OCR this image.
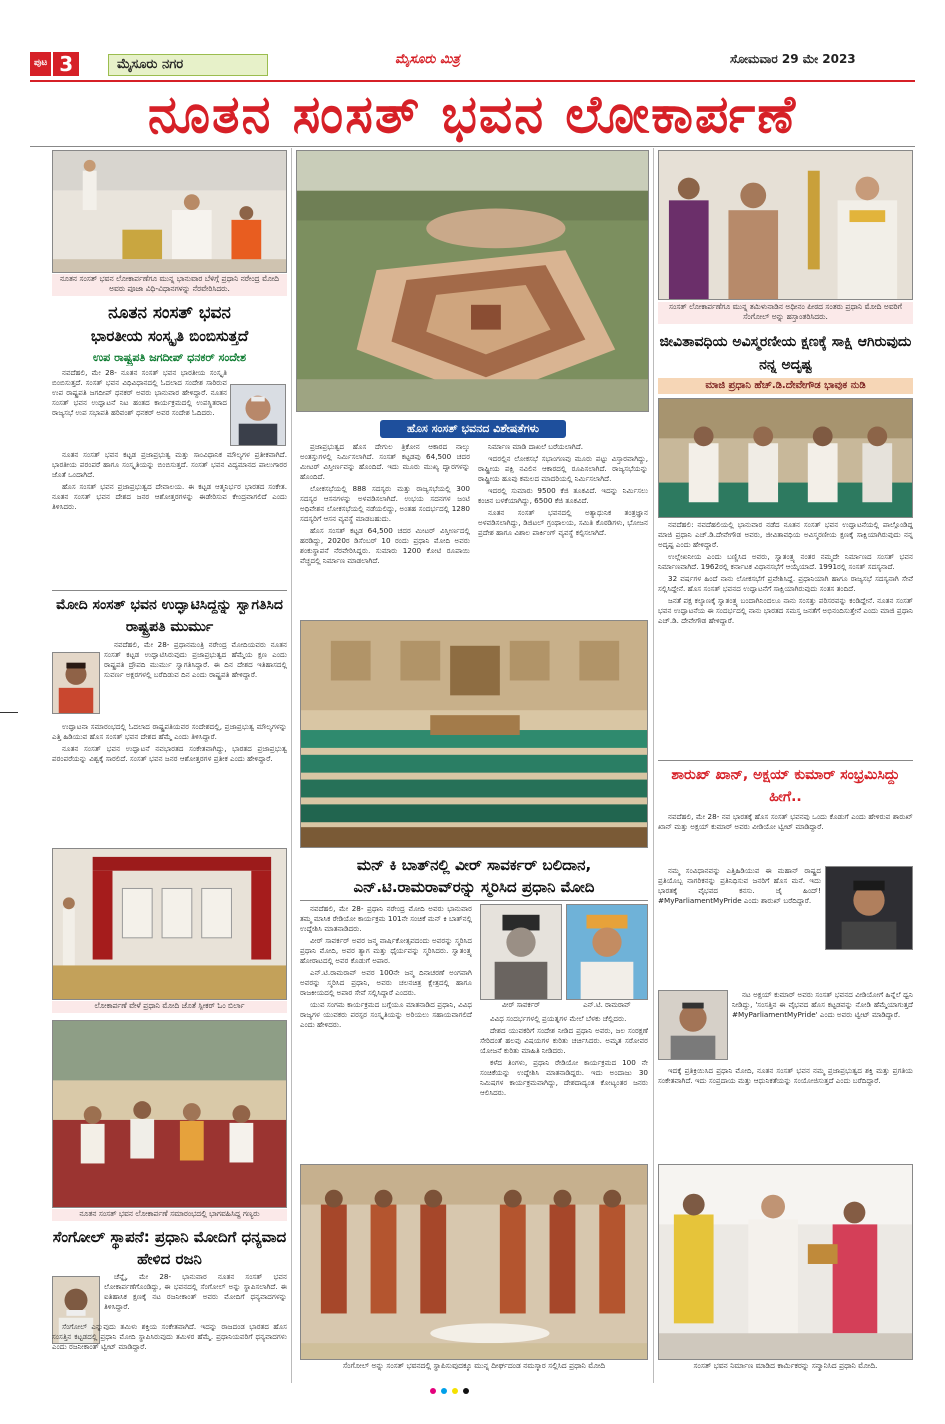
ಪುಟ 3	ಮೈಸೂರು ನಗರ	ಮೈಸೂರು ಮಿತ್ರ	ಸೋಮವಾರ 29 ಮೇ 2023
ನೂತನ ಸಂಸತ್ ಭವನ ಲೋಕಾರ್ಪಣೆ
ನೂತನ ಸಂಸತ್ ಭವನ ಲೋಕಾರ್ಪಣೆಗೂ ಮುನ್ನ ಭಾನುವಾರ ಬೆಳಿಗ್ಗೆ ಪ್ರಧಾನಿ ನರೇಂದ್ರ ಮೋದಿ ಅವರು ಪೂಜಾ ವಿಧಿ-ವಿಧಾನಗಳನ್ನು ನೆರವೇರಿಸಿದರು.
ನೂತನ ಸಂಸತ್ ಭವನ
ಭಾರತೀಯ ಸಂಸ್ಕೃತಿ ಬಿಂಬಿಸುತ್ತದೆ
ಉಪ ರಾಷ್ಟ್ರಪತಿ ಜಗದೀಪ್ ಧನಕರ್ ಸಂದೇಶ

ನವದೆಹಲಿ, ಮೇ 28- ನೂತನ ಸಂಸತ್ ಭವನ ಭಾರತೀಯ ಸಂಸ್ಕೃತಿ ಬಿಂಬಿಸುತ್ತದೆ. ಸಂಸತ್ ಭವನ ವಿಧಿವಿಧಾನದಲ್ಲಿ ಓದಲಾದ ಸಂದೇಶ ಸಾರಿರುವ ಉಪ ರಾಷ್ಟ್ರಪತಿ ಜಗದೀಪ್ ಧನಕರ್ ಅವರು ಭಾನುವಾರ ಹೇಳಿದ್ದಾರೆ. ನೂತನ ಸಂಸತ್ ಭವನ ಉದ್ಘಾಟನೆ ನಿಟ ಹಂತದ ಕಾರ್ಯಕ್ರಮದಲ್ಲಿ ಉಪಸ್ಥಿತರಾದ ರಾಜ್ಯಸಭೆ ಉಪ ಸಭಾಪತಿ ಹರಿವಂಶ್ ಧನಕರ್ ಅವರ ಸಂದೇಶ ಓದಿದರು.

ನೂತನ ಸಂಸತ್ ಭವನ ಕಟ್ಟಡ ಪ್ರಜಾಪ್ರಭುತ್ವ ಮತ್ತು ಸಾಂವಿಧಾನಿಕ ಮೌಲ್ಯಗಳ ಪ್ರತೀಕವಾಗಿದೆ. ಭಾರತೀಯ ಪರಂಪರೆ ಹಾಗೂ ಸಂಸ್ಕೃತಿಯನ್ನು ಬಿಂಬಿಸುತ್ತದೆ. ಸಂಸತ್ ಭವನ ವಿದ್ಯಮಾನದ ಪಾಲುಗಾರರ ಜೊತೆ ಒಂದಾಗಿದೆ.

ಹೊಸ ಸಂಸತ್ ಭವನ ಪ್ರಜಾಪ್ರಭುತ್ವದ ದೇವಾಲಯ. ಈ ಕಟ್ಟಡ ಆತ್ಮನಿರ್ಭರ ಭಾರತದ ಸಂಕೇತ. ನೂತನ ಸಂಸತ್ ಭವನ ದೇಶದ ಜನರ ಆಶೋತ್ತರಗಳನ್ನು ಈಡೇರಿಸುವ ಕೇಂದ್ರವಾಗಲಿದೆ ಎಂದು ತಿಳಿಸಿದರು.

ಮೋದಿ ಸಂಸತ್ ಭವನ ಉದ್ಘಾಟಿಸಿದ್ದನ್ನು ಸ್ವಾಗತಿಸಿದ ರಾಷ್ಟ್ರಪತಿ ಮುರ್ಮು

ನವದೆಹಲಿ, ಮೇ 28- ಪ್ರಧಾನಮಂತ್ರಿ ನರೇಂದ್ರ ಮೋದಿಯವರು ನೂತನ ಸಂಸತ್ ಕಟ್ಟಡ ಉದ್ಘಾಟಿಸಿರುವುದು ಪ್ರಜಾಪ್ರಭುತ್ವದ ಹೆಮ್ಮೆಯ ಕ್ಷಣ ಎಂದು ರಾಷ್ಟ್ರಪತಿ ದ್ರೌಪದಿ ಮುರ್ಮು ಸ್ವಾಗತಿಸಿದ್ದಾರೆ. ಈ ದಿನ ದೇಶದ ಇತಿಹಾಸದಲ್ಲಿ ಸುವರ್ಣ ಅಕ್ಷರಗಳಲ್ಲಿ ಬರೆದಿಡುವ ದಿನ ಎಂದು ರಾಷ್ಟ್ರಪತಿ ಹೇಳಿದ್ದಾರೆ.

ಉದ್ಘಾಟನಾ ಸಮಾರಂಭದಲ್ಲಿ ಓದಲಾದ ರಾಷ್ಟ್ರಪತಿಯವರ ಸಂದೇಶದಲ್ಲಿ, ಪ್ರಜಾಪ್ರಭುತ್ವ ಮೌಲ್ಯಗಳನ್ನು ಎತ್ತಿ ಹಿಡಿಯುವ ಹೊಸ ಸಂಸತ್ ಭವನ ದೇಶದ ಹೆಮ್ಮೆ ಎಂದು ತಿಳಿಸಿದ್ದಾರೆ.

ನೂತನ ಸಂಸತ್ ಭವನ ಉದ್ಘಾಟನೆ ನವಭಾರತದ ಸಂಕೇತವಾಗಿದ್ದು, ಭಾರತದ ಪ್ರಜಾಪ್ರಭುತ್ವ ಪರಂಪರೆಯನ್ನು ವಿಶ್ವಕ್ಕೆ ಸಾರಲಿದೆ. ಸಂಸತ್ ಭವನ ಜನರ ಆಶೋತ್ತರಗಳ ಪ್ರತೀಕ ಎಂದು ಹೇಳಿದ್ದಾರೆ.

ಲೋಕಾರ್ಪಣೆ ವೇಳೆ ಪ್ರಧಾನಿ ಮೋದಿ ಜೊತೆ ಸ್ಪೀಕರ್ ಓಂ ಬಿರ್ಲಾ
ನೂತನ ಸಂಸತ್ ಭವನ ಲೋಕಾರ್ಪಣೆ ಸಮಾರಂಭದಲ್ಲಿ ಭಾಗವಹಿಸಿದ್ದ ಗಣ್ಯರು
ಸೆಂಗೋಲ್ ಸ್ಥಾಪನೆ: ಪ್ರಧಾನಿ ಮೋದಿಗೆ ಧನ್ಯವಾದ ಹೇಳಿದ ರಜನಿ

ಚೆನ್ನೈ, ಮೇ 28- ಭಾನುವಾರ ನೂತನ ಸಂಸತ್ ಭವನ ಲೋಕಾರ್ಪಣೆಗೊಂಡಿದ್ದು, ಈ ಭವನದಲ್ಲಿ ಸೆಂಗೋಲ್ ಅನ್ನು ಸ್ಥಾಪಿಸಲಾಗಿದೆ. ಈ ಐತಿಹಾಸಿಕ ಕ್ಷಣಕ್ಕೆ ನಟ ರಜನೀಕಾಂತ್ ಅವರು ಮೋದಿಗೆ ಧನ್ಯವಾದಗಳನ್ನು ತಿಳಿಸಿದ್ದಾರೆ.

ಸೆಂಗೋಲ್ ಎನ್ನುವುದು ತಮಿಳು ಶಕ್ತಿಯ ಸಂಕೇತವಾಗಿದೆ. ಇದನ್ನು ರಾಜದಂಡ ಭಾರತದ ಹೊಸ ಸಂಸತ್ತಿನ ಕಟ್ಟಡದಲ್ಲಿ ಪ್ರಧಾನಿ ಮೋದಿ ಸ್ಥಾಪಿಸಿರುವುದು ತಮಿಳರ ಹೆಮ್ಮೆ. ಪ್ರಧಾನಿಯವರಿಗೆ ಧನ್ಯವಾದಗಳು ಎಂದು ರಜನೀಕಾಂತ್ ಟ್ವೀಟ್ ಮಾಡಿದ್ದಾರೆ.

ಹೊಸ ಸಂಸತ್ ಭವನದ ವಿಶೇಷತೆಗಳು

ಪ್ರಜಾಪ್ರಭುತ್ವದ ಹೊಸ ದೇಗುಲ ತ್ರಿಕೋನ ಆಕಾರದ ನಾಲ್ಕು ಅಂತಸ್ತುಗಳಲ್ಲಿ ನಿರ್ಮಿಸಲಾಗಿದೆ. ಸಂಸತ್ ಕಟ್ಟಡವು 64,500 ಚದರ ಮೀಟರ್ ವಿಸ್ತೀರ್ಣವನ್ನು ಹೊಂದಿದೆ. ಇದು ಮೂರು ಮುಖ್ಯ ದ್ವಾರಗಳನ್ನು ಹೊಂದಿದೆ.

ಲೋಕಸಭೆಯಲ್ಲಿ 888 ಸದಸ್ಯರು ಮತ್ತು ರಾಜ್ಯಸಭೆಯಲ್ಲಿ 300 ಸದಸ್ಯರ ಆಸನಗಳನ್ನು ಅಳವಡಿಸಲಾಗಿದೆ. ಉಭಯ ಸದನಗಳ ಜಂಟಿ ಅಧಿವೇಶನ ಲೋಕಸಭೆಯಲ್ಲಿ ನಡೆಯಲಿದ್ದು, ಅಂತಹ ಸಂದರ್ಭದಲ್ಲಿ 1280 ಸದಸ್ಯರಿಗೆ ಆಸನ ವ್ಯವಸ್ಥೆ ಮಾಡಬಹುದು.

ಹೊಸ ಸಂಸತ್ ಕಟ್ಟಡ 64,500 ಚದರ ಮೀಟರ್ ವಿಸ್ತೀರ್ಣದಲ್ಲಿ ಹರಡಿದ್ದು, 2020ರ ಡಿಸೆಂಬರ್ 10 ರಂದು ಪ್ರಧಾನಿ ಮೋದಿ ಅವರು ಶಂಕುಸ್ಥಾಪನೆ ನೆರವೇರಿಸಿದ್ದರು. ಸುಮಾರು 1200 ಕೋಟಿ ರೂಪಾಯಿ ವೆಚ್ಚದಲ್ಲಿ ನಿರ್ಮಾಣ ಮಾಡಲಾಗಿದೆ.

ನಿರ್ಮಾಣ ಮಾಡಿ ದಾಖಲೆ ಬರೆಯಲಾಗಿದೆ.

ಇದರಲ್ಲಿನ ಲೋಕಸಭೆ ಸಭಾಂಗಣವು ಮೂರು ಪಟ್ಟು ವಿಸ್ತಾರವಾಗಿದ್ದು, ರಾಷ್ಟ್ರೀಯ ಪಕ್ಷಿ ನವಿಲಿನ ಆಕಾರದಲ್ಲಿ ರೂಪಿಸಲಾಗಿದೆ. ರಾಜ್ಯಸಭೆಯನ್ನು ರಾಷ್ಟ್ರೀಯ ಹೂವು ಕಮಲದ ಮಾದರಿಯಲ್ಲಿ ನಿರ್ಮಿಸಲಾಗಿದೆ.

ಇದರಲ್ಲಿ ಸುಮಾರು 9500 ಕೆಜಿ ತೂಕವಿದೆ. ಇದನ್ನು ನಿರ್ಮಿಸಲು ಕಂಚಿನ ಬಳಕೆಯಾಗಿದ್ದು, 6500 ಕೆಜಿ ತೂಕವಿದೆ.

ನೂತನ ಸಂಸತ್ ಭವನದಲ್ಲಿ ಅತ್ಯಾಧುನಿಕ ತಂತ್ರಜ್ಞಾನ ಅಳವಡಿಸಲಾಗಿದ್ದು, ಡಿಜಿಟಲ್ ಗ್ರಂಥಾಲಯ, ಸಮಿತಿ ಕೊಠಡಿಗಳು, ಭೋಜನ ಪ್ರದೇಶ ಹಾಗೂ ವಿಶಾಲ ಪಾರ್ಕಿಂಗ್ ವ್ಯವಸ್ಥೆ ಕಲ್ಪಿಸಲಾಗಿದೆ.

ಮನ್ ಕಿ ಬಾತ್‌ನಲ್ಲಿ ವೀರ್ ಸಾವರ್ಕರ್ ಬಲಿದಾನ,
ಎನ್.ಟಿ.ರಾಮರಾವ್‌ರನ್ನು ಸ್ಮರಿಸಿದ ಪ್ರಧಾನಿ ಮೋದಿ

ನವದೆಹಲಿ, ಮೇ 28- ಪ್ರಧಾನಿ ನರೇಂದ್ರ ಮೋದಿ ಅವರು ಭಾನುವಾರ ತಮ್ಮ ಮಾಸಿಕ ರೇಡಿಯೋ ಕಾರ್ಯಕ್ರಮ 101ನೇ ಸಂಚಿಕೆ ಮನ್ ಕಿ ಬಾತ್‌ನಲ್ಲಿ ಉದ್ದೇಶಿಸಿ ಮಾತನಾಡಿದರು.

ವೀರ್ ಸಾವರ್ಕರ್ ಅವರ ಜನ್ಮ ವಾರ್ಷಿಕೋತ್ಸವದಂದು ಅವರನ್ನು ಸ್ಮರಿಸಿದ ಪ್ರಧಾನಿ ಮೋದಿ, ಅವರ ತ್ಯಾಗ ಮತ್ತು ಧೈರ್ಯವನ್ನು ಸ್ಮರಿಸಿದರು. ಸ್ವಾತಂತ್ರ್ಯ ಹೋರಾಟದಲ್ಲಿ ಅವರ ಕೊಡುಗೆ ಅಪಾರ.

ಎನ್.ಟಿ.ರಾಮರಾವ್ ಅವರ 100ನೇ ಜನ್ಮ ದಿನಾಚರಣೆ ಅಂಗವಾಗಿ ಅವರನ್ನು ಸ್ಮರಿಸಿದ ಪ್ರಧಾನಿ, ಅವರು ಚಲನಚಿತ್ರ ಕ್ಷೇತ್ರದಲ್ಲಿ ಹಾಗೂ ರಾಜಕೀಯದಲ್ಲಿ ಅಪಾರ ಸೇವೆ ಸಲ್ಲಿಸಿದ್ದಾರೆ ಎಂದರು.

ಯುವ ಸಂಗಮ ಕಾರ್ಯಕ್ರಮದ ಬಗ್ಗೆಯೂ ಮಾತನಾಡಿದ ಪ್ರಧಾನಿ, ವಿವಿಧ ರಾಜ್ಯಗಳ ಯುವಕರು ಪರಸ್ಪರ ಸಂಸ್ಕೃತಿಯನ್ನು ಅರಿಯಲು ಸಹಾಯವಾಗಲಿದೆ ಎಂದು ಹೇಳಿದರು.

ವೀರ್ ಸಾವರ್ಕರ್	ಎನ್.ಟಿ. ರಾಮರಾವ್

ವಿವಿಧ ಸಂದರ್ಭಗಳಲ್ಲಿ ಪ್ರಯತ್ನಗಳ ಮೇಲೆ ಬೆಳಕು ಚೆಲ್ಲಿದರು.

ದೇಶದ ಯುವಕರಿಗೆ ಸಂದೇಶ ನೀಡಿದ ಪ್ರಧಾನಿ ಅವರು, ಜಲ ಸಂರಕ್ಷಣೆ ಸೇರಿದಂತೆ ಹಲವು ವಿಷಯಗಳ ಕುರಿತು ಚರ್ಚಿಸಿದರು. ಅಮೃತ ಸರೋವರ ಯೋಜನೆ ಕುರಿತು ಮಾಹಿತಿ ನೀಡಿದರು.

ಕಳೆದ ತಿಂಗಳು, ಪ್ರಧಾನಿ ರೇಡಿಯೋ ಕಾರ್ಯಕ್ರಮದ 100 ನೇ ಸಂಚಿಕೆಯನ್ನು ಉದ್ದೇಶಿಸಿ ಮಾತನಾಡಿದ್ದರು. ಇದು ಅಂದಾಜು 30 ನಿಮಿಷಗಳ ಕಾರ್ಯಕ್ರಮವಾಗಿದ್ದು, ದೇಶದಾದ್ಯಂತ ಕೋಟ್ಯಂತರ ಜನರು ಆಲಿಸಿದರು.

ಸೆಂಗೋಲ್ ಅನ್ನು ಸಂಸತ್ ಭವನದಲ್ಲಿ ಸ್ಥಾಪಿಸುವುದಕ್ಕೂ ಮುನ್ನ ದೀರ್ಘದಂಡ ನಮಸ್ಕಾರ ಸಲ್ಲಿಸಿದ ಪ್ರಧಾನಿ ಮೋದಿ
ಸಂಸತ್ ಲೋಕಾರ್ಪಣೆಗೂ ಮುನ್ನ ತಮಿಳುನಾಡಿನ ಅಧೀನಂ ಪೀಠದ ಸಂತರು ಪ್ರಧಾನಿ ಮೋದಿ ಅವರಿಗೆ ಸೆಂಗೋಲ್ ಅನ್ನು ಹಸ್ತಾಂತರಿಸಿದರು.
ಜೀವಿತಾವಧಿಯ ಅವಿಸ್ಮರಣೀಯ ಕ್ಷಣಕ್ಕೆ ಸಾಕ್ಷಿ ಆಗಿರುವುದು ನನ್ನ ಅದೃಷ್ಟ
ಮಾಜಿ ಪ್ರಧಾನಿ ಹೆಚ್.ಡಿ.ದೇವೇಗೌಡ ಭಾವುಕ ನುಡಿ

ನವದೆಹಲಿ: ನವದೆಹಲಿಯಲ್ಲಿ ಭಾನುವಾರ ನಡೆದ ನೂತನ ಸಂಸತ್ ಭವನ ಉದ್ಘಾಟನೆಯಲ್ಲಿ ಪಾಲ್ಗೊಂಡಿದ್ದ ಮಾಜಿ ಪ್ರಧಾನಿ ಎಚ್.ಡಿ.ದೇವೇಗೌಡ ಅವರು, ಜೀವಿತಾವಧಿಯ ಅವಿಸ್ಮರಣೀಯ ಕ್ಷಣಕ್ಕೆ ಸಾಕ್ಷಿಯಾಗಿರುವುದು ನನ್ನ ಅದೃಷ್ಟ ಎಂದು ಹೇಳಿದ್ದಾರೆ.

ಉಲ್ಲೇಖನೀಯ ಎಂದು ಬಣ್ಣಿಸಿದ ಅವರು, ಸ್ವಾತಂತ್ರ್ಯ ನಂತರ ನಮ್ಮದೇ ನಿರ್ಮಾಣದ ಸಂಸತ್ ಭವನ ನಿರ್ಮಾಣವಾಗಿದೆ. 1962ರಲ್ಲಿ ಕರ್ನಾಟಕ ವಿಧಾನಸಭೆಗೆ ಆಯ್ಕೆಯಾದೆ. 1991ರಲ್ಲಿ ಸಂಸತ್ ಸದಸ್ಯನಾದೆ.

32 ವರ್ಷಗಳ ಹಿಂದೆ ನಾನು ಲೋಕಸಭೆಗೆ ಪ್ರವೇಶಿಸಿದ್ದೆ. ಪ್ರಧಾನಿಯಾಗಿ ಹಾಗೂ ರಾಜ್ಯಸಭೆ ಸದಸ್ಯನಾಗಿ ಸೇವೆ ಸಲ್ಲಿಸಿದ್ದೇನೆ. ಹೊಸ ಸಂಸತ್ ಭವನದ ಉದ್ಘಾಟನೆಗೆ ಸಾಕ್ಷಿಯಾಗಿರುವುದು ಸಂತಸ ತಂದಿದೆ.

ಜನತೆ ಪಕ್ಷ ಕಲ್ಯಾಣಕ್ಕೆ ಸ್ವಾತಂತ್ರ್ಯ ಬಂದಾಗಿನಿಂದಲೂ ನಾನು ಸಂಸತ್ತು ಪರಿಸರವನ್ನು ಕಂಡಿದ್ದೇನೆ. ನೂತನ ಸಂಸತ್ ಭವನ ಉದ್ಘಾಟನೆಯ ಈ ಸಂದರ್ಭದಲ್ಲಿ ನಾನು ಭಾರತದ ಸಮಸ್ತ ಜನತೆಗೆ ಅಭಿನಂದಿಸುತ್ತೇನೆ ಎಂದು ಮಾಜಿ ಪ್ರಧಾನಿ ಎಚ್.ಡಿ. ದೇವೇಗೌಡ ಹೇಳಿದ್ದಾರೆ.

ಶಾರುಖ್ ಖಾನ್, ಅಕ್ಷಯ್ ಕುಮಾರ್ ಸಂಭ್ರಮಿಸಿದ್ದು ಹೀಗೆ..

ನವದೆಹಲಿ, ಮೇ 28- ನವ ಭಾರತಕ್ಕೆ ಹೊಸ ಸಂಸತ್ ಭವನವು ಒಂದು ಕೊಡುಗೆ ಎಂದು ಹೇಳಿರುವ ಶಾರುಖ್ ಖಾನ್ ಮತ್ತು ಅಕ್ಷಯ್ ಕುಮಾರ್ ಅವರು ವೀಡಿಯೋ ಟ್ವೀಟ್ ಮಾಡಿದ್ದಾರೆ.

ನಮ್ಮ ಸಂವಿಧಾನವನ್ನು ಎತ್ತಿಹಿಡಿಯುವ ಈ ಮಹಾನ್ ರಾಷ್ಟ್ರದ ಪ್ರತಿಯೊಬ್ಬ ನಾಗರಿಕನನ್ನು ಪ್ರತಿನಿಧಿಸುವ ಜನರಿಗೆ ಹೊಸ ಮನೆ. ಇದು ಭಾರತಕ್ಕೆ ವೈಭವದ ಕನಸು. ಜೈ ಹಿಂದ್! #MyParliamentMyPride ಎಂದು ಶಾರುಖ್ ಬರೆದಿದ್ದಾರೆ.

ನಟ ಅಕ್ಷಯ್ ಕುಮಾರ್ ಅವರು ಸಂಸತ್ ಭವನದ ವೀಡಿಯೋಗೆ ಹಿನ್ನೆಲೆ ಧ್ವನಿ ನೀಡಿದ್ದು, 'ಸಂಸತ್ತಿನ ಈ ವೈಭವದ ಹೊಸ ಕಟ್ಟಡವನ್ನು ನೋಡಿ ಹೆಮ್ಮೆಯಾಗುತ್ತದೆ #MyParliamentMyPride' ಎಂದು ಅವರು ಟ್ವೀಟ್ ಮಾಡಿದ್ದಾರೆ.

ಇದಕ್ಕೆ ಪ್ರತಿಕ್ರಿಯಿಸಿದ ಪ್ರಧಾನಿ ಮೋದಿ, ನೂತನ ಸಂಸತ್ ಭವನ ನಮ್ಮ ಪ್ರಜಾಪ್ರಭುತ್ವದ ಶಕ್ತಿ ಮತ್ತು ಪ್ರಗತಿಯ ಸಂಕೇತವಾಗಿದೆ. ಇದು ಸಂಪ್ರದಾಯ ಮತ್ತು ಆಧುನಿಕತೆಯನ್ನು ಸಂಯೋಜಿಸುತ್ತದೆ ಎಂದು ಬರೆದಿದ್ದಾರೆ.

ಸಂಸತ್ ಭವನ ನಿರ್ಮಾಣ ಮಾಡಿದ ಕಾರ್ಮಿಕರನ್ನು ಸನ್ಮಾನಿಸಿದ ಪ್ರಧಾನಿ ಮೋದಿ.
